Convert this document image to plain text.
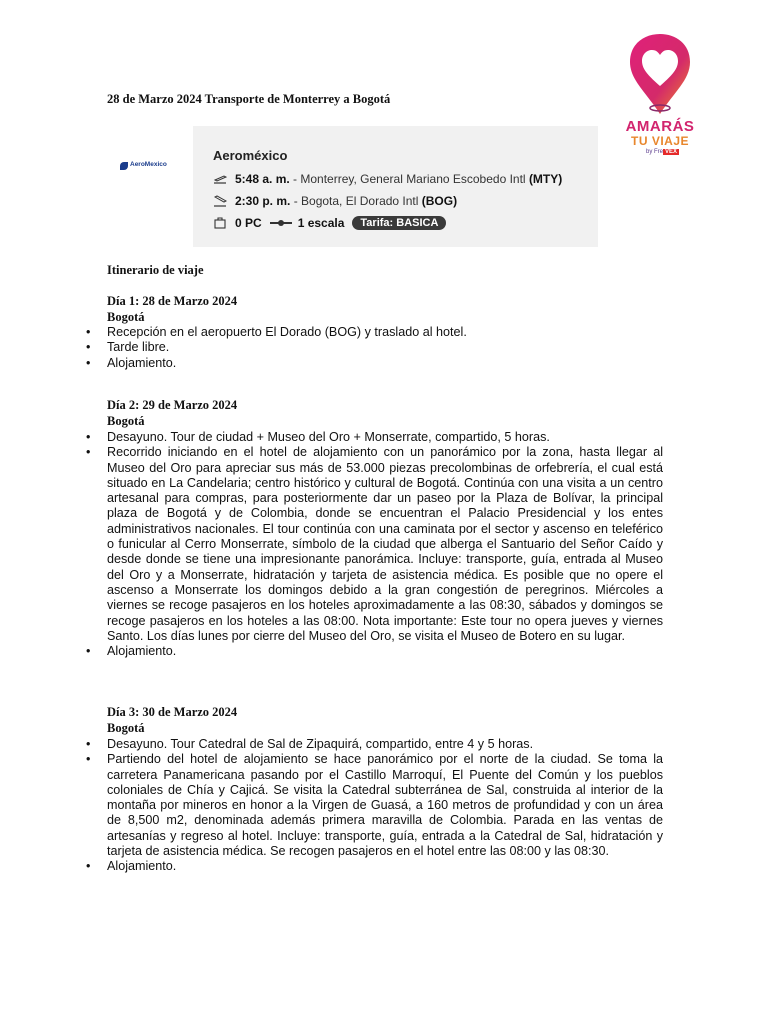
AMARÁS
TU VIAJE
by Fre VEX
28 de Marzo 2024 Transporte de Monterrey a Bogotá
AeroMexico
Aeroméxico
5:48 a. m. - Monterrey, General Mariano Escobedo Intl (MTY)
2:30 p. m. - Bogota, El Dorado Intl (BOG)
0 PC	1 escala	Tarifa: BASICA
Itinerario de viaje
Día 1: 28 de Marzo 2024
Bogotá
• Recepción en el aeropuerto El Dorado (BOG) y traslado al hotel.
• Tarde libre.
• Alojamiento.
Día 2: 29 de Marzo 2024
Bogotá
• Desayuno. Tour de ciudad + Museo del Oro + Monserrate, compartido, 5 horas.
• Recorrido iniciando en el hotel de alojamiento con un panorámico por la zona, hasta llegar al Museo del Oro para apreciar sus más de 53.000 piezas precolombinas de orfebrería, el cual está situado en La Candelaria; centro histórico y cultural de Bogotá. Continúa con una visita a un centro artesanal para compras, para posteriormente dar un paseo por la Plaza de Bolívar, la principal plaza de Bogotá y de Colombia, donde se encuentran el Palacio Presidencial y los entes administrativos nacionales. El tour continúa con una caminata por el sector y ascenso en teleférico o funicular al Cerro Monserrate, símbolo de la ciudad que alberga el Santuario del Señor Caído y desde donde se tiene una impresionante panorámica. Incluye: transporte, guía, entrada al Museo del Oro y a Monserrate, hidratación y tarjeta de asistencia médica. Es posible que no opere el ascenso a Monserrate los domingos debido a la gran congestión de peregrinos. Miércoles a viernes se recoge pasajeros en los hoteles aproximadamente a las 08:30, sábados y domingos se recoge pasajeros en los hoteles a las 08:00. Nota importante: Este tour no opera jueves y viernes Santo. Los días lunes por cierre del Museo del Oro, se visita el Museo de Botero en su lugar.
• Alojamiento.
Día 3: 30 de Marzo 2024
Bogotá
• Desayuno. Tour Catedral de Sal de Zipaquirá, compartido, entre 4 y 5 horas.
• Partiendo del hotel de alojamiento se hace panorámico por el norte de la ciudad. Se toma la carretera Panamericana pasando por el Castillo Marroquí, El Puente del Común y los pueblos coloniales de Chía y Cajicá. Se visita la Catedral subterránea de Sal, construida al interior de la montaña por mineros en honor a la Virgen de Guasá, a 160 metros de profundidad y con un área de 8,500 m2, denominada además primera maravilla de Colombia. Parada en las ventas de artesanías y regreso al hotel. Incluye: transporte, guía, entrada a la Catedral de Sal, hidratación y tarjeta de asistencia médica. Se recogen pasajeros en el hotel entre las 08:00 y las 08:30.
• Alojamiento.
